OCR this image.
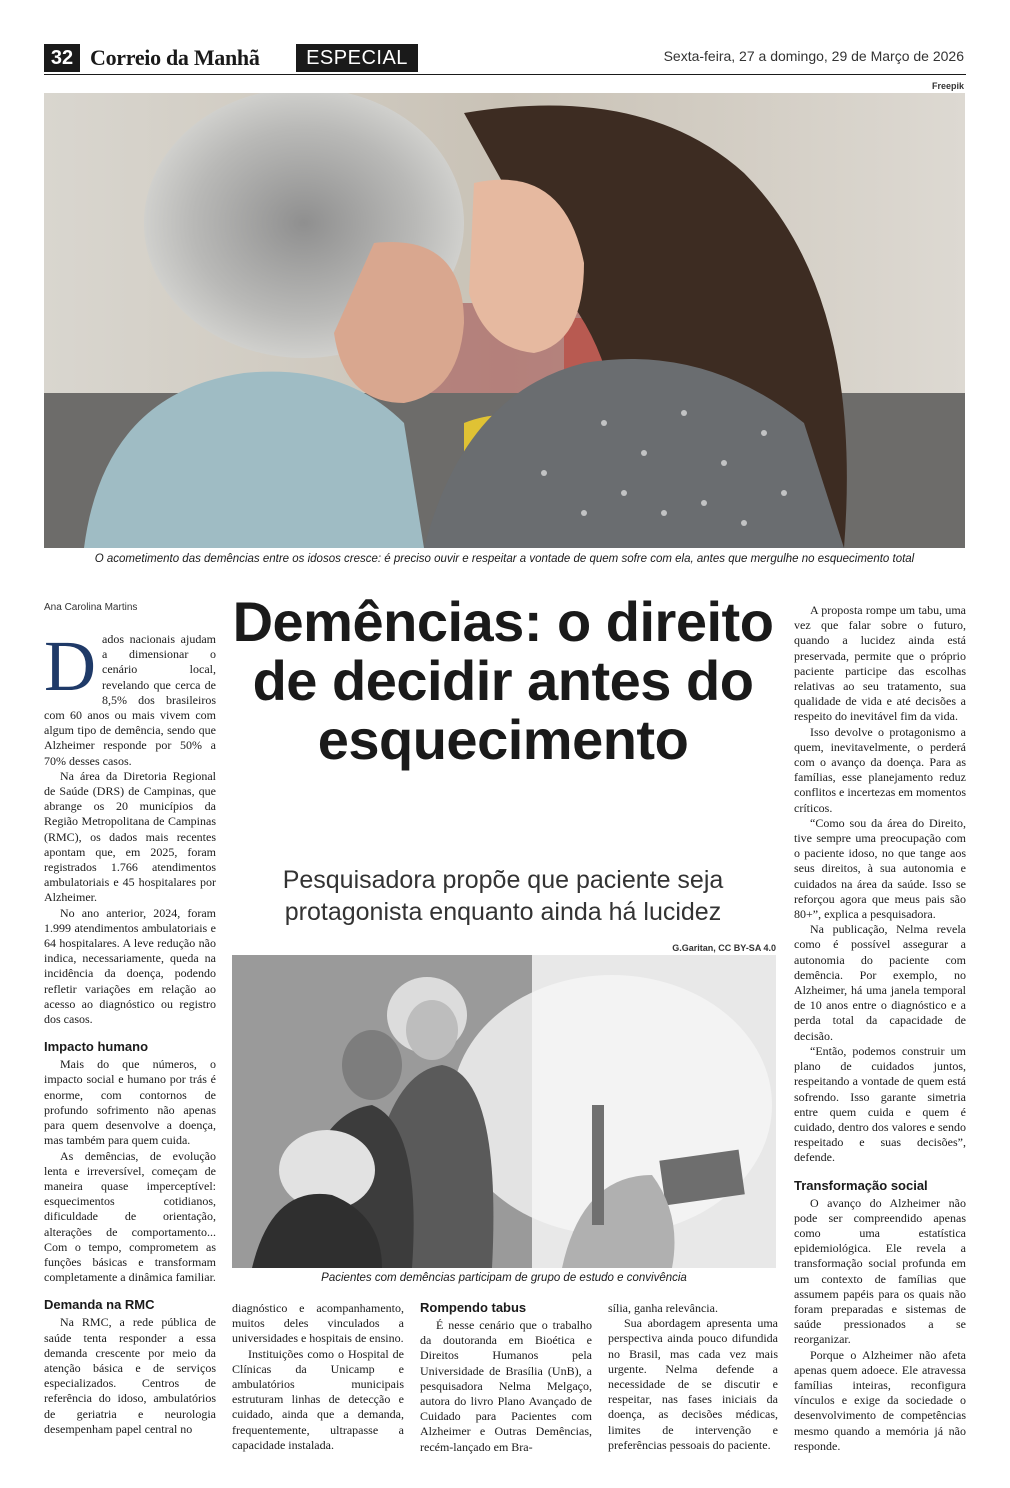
32 Correio da Manhã	ESPECIAL	Sexta-feira, 27 a domingo, 29 de Março de 2026
Freepik
O acometimento das demências entre os idosos cresce: é preciso ouvir e respeitar a vontade de quem sofre com ela, antes que mergulhe no esquecimento total
Ana Carolina Martins

Dados nacionais ajudam a dimensionar o cenário local, revelando que cerca de 8,5% dos brasileiros com 60 anos ou mais vivem com algum tipo de demência, sendo que Alzheimer responde por 50% a 70% desses casos.

Na área da Diretoria Regional de Saúde (DRS) de Campinas, que abrange os 20 municípios da Região Metropolitana de Campinas (RMC), os dados mais recentes apontam que, em 2025, foram registrados 1.766 atendimentos ambulatoriais e 45 hospitalares por Alzheimer.

No ano anterior, 2024, foram 1.999 atendimentos ambulatoriais e 64 hospitalares. A leve redução não indica, necessariamente, queda na incidência da doença, podendo refletir variações em relação ao acesso ao diagnóstico ou registro dos casos.

Impacto humano

Mais do que números, o impacto social e humano por trás é enorme, com contornos de profundo sofrimento não apenas para quem desenvolve a doença, mas também para quem cuida.

As demências, de evolução lenta e irreversível, começam de maneira quase imperceptível: esquecimentos cotidianos, dificuldade de orientação, alterações de comportamento... Com o tempo, comprometem as funções básicas e transformam completamente a dinâmica familiar.

Demanda na RMC

Na RMC, a rede pública de saúde tenta responder a essa demanda crescente por meio da atenção básica e de serviços especializados. Centros de referência do idoso, ambulatórios de geriatria e neurologia desempenham papel central no

Demências: o direito de decidir antes do esquecimento
Pesquisadora propõe que paciente seja protagonista enquanto ainda há lucidez
G.Garitan, CC BY-SA 4.0
Pacientes com demências participam de grupo de estudo e convivência

diagnóstico e acompanhamento, muitos deles vinculados a universidades e hospitais de ensino.

Instituições como o Hospital de Clínicas da Unicamp e ambulatórios municipais estruturam linhas de detecção e cuidado, ainda que a demanda, frequentemente, ultrapasse a capacidade instalada.

Rompendo tabus

É nesse cenário que o trabalho da doutoranda em Bioética e Direitos Humanos pela Universidade de Brasília (UnB), a pesquisadora Nelma Melgaço, autora do livro Plano Avançado de Cuidado para Pacientes com Alzheimer e Outras Demências, recém-lançado em Bra-

sília, ganha relevância.

Sua abordagem apresenta uma perspectiva ainda pouco difundida no Brasil, mas cada vez mais urgente. Nelma defende a necessidade de se discutir e respeitar, nas fases iniciais da doença, as decisões médicas, limites de intervenção e preferências pessoais do paciente.

A proposta rompe um tabu, uma vez que falar sobre o futuro, quando a lucidez ainda está preservada, permite que o próprio paciente participe das escolhas relativas ao seu tratamento, sua qualidade de vida e até decisões a respeito do inevitável fim da vida.

Isso devolve o protagonismo a quem, inevitavelmente, o perderá com o avanço da doença. Para as famílias, esse planejamento reduz conflitos e incertezas em momentos críticos.

“Como sou da área do Direito, tive sempre uma preocupação com o paciente idoso, no que tange aos seus direitos, à sua autonomia e cuidados na área da saúde. Isso se reforçou agora que meus pais são 80+”, explica a pesquisadora.

Na publicação, Nelma revela como é possível assegurar a autonomia do paciente com demência. Por exemplo, no Alzheimer, há uma janela temporal de 10 anos entre o diagnóstico e a perda total da capacidade de decisão.

“Então, podemos construir um plano de cuidados juntos, respeitando a vontade de quem está sofrendo. Isso garante simetria entre quem cuida e quem é cuidado, dentro dos valores e sendo respeitado e suas decisões”, defende.

Transformação social

O avanço do Alzheimer não pode ser compreendido apenas como uma estatística epidemiológica. Ele revela a transformação social profunda em um contexto de famílias que assumem papéis para os quais não foram preparadas e sistemas de saúde pressionados a se reorganizar.

Porque o Alzheimer não afeta apenas quem adoece. Ele atravessa famílias inteiras, reconfigura vínculos e exige da sociedade o desenvolvimento de competências mesmo quando a memória já não responde.
